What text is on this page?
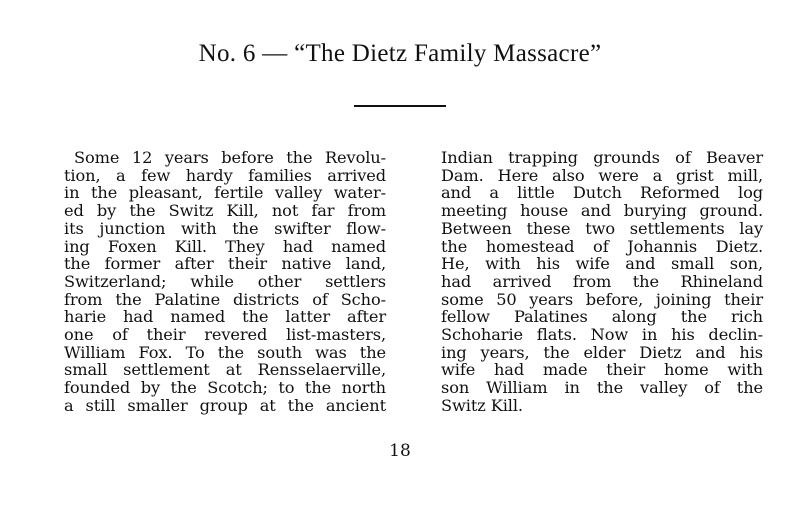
No. 6 — “The Dietz Family Massacre”
Some 12 years before the Revolu-
tion, a few hardy families arrived
in the pleasant, fertile valley water-
ed by the Switz Kill, not far from
its junction with the swifter flow-
ing Foxen Kill. They had named
the former after their native land,
Switzerland; while other settlers
from the Palatine districts of Scho-
harie had named the latter after
one of their revered list-masters,
William Fox. To the south was the
small settlement at Rensselaerville,
founded by the Scotch; to the north
a still smaller group at the ancient
Indian trapping grounds of Beaver
Dam. Here also were a grist mill,
and a little Dutch Reformed log
meeting house and burying ground.
Between these two settlements lay
the homestead of Johannis Dietz.
He, with his wife and small son,
had arrived from the Rhineland
some 50 years before, joining their
fellow Palatines along the rich
Schoharie flats. Now in his declin-
ing years, the elder Dietz and his
wife had made their home with
son William in the valley of the
Switz Kill.
18
